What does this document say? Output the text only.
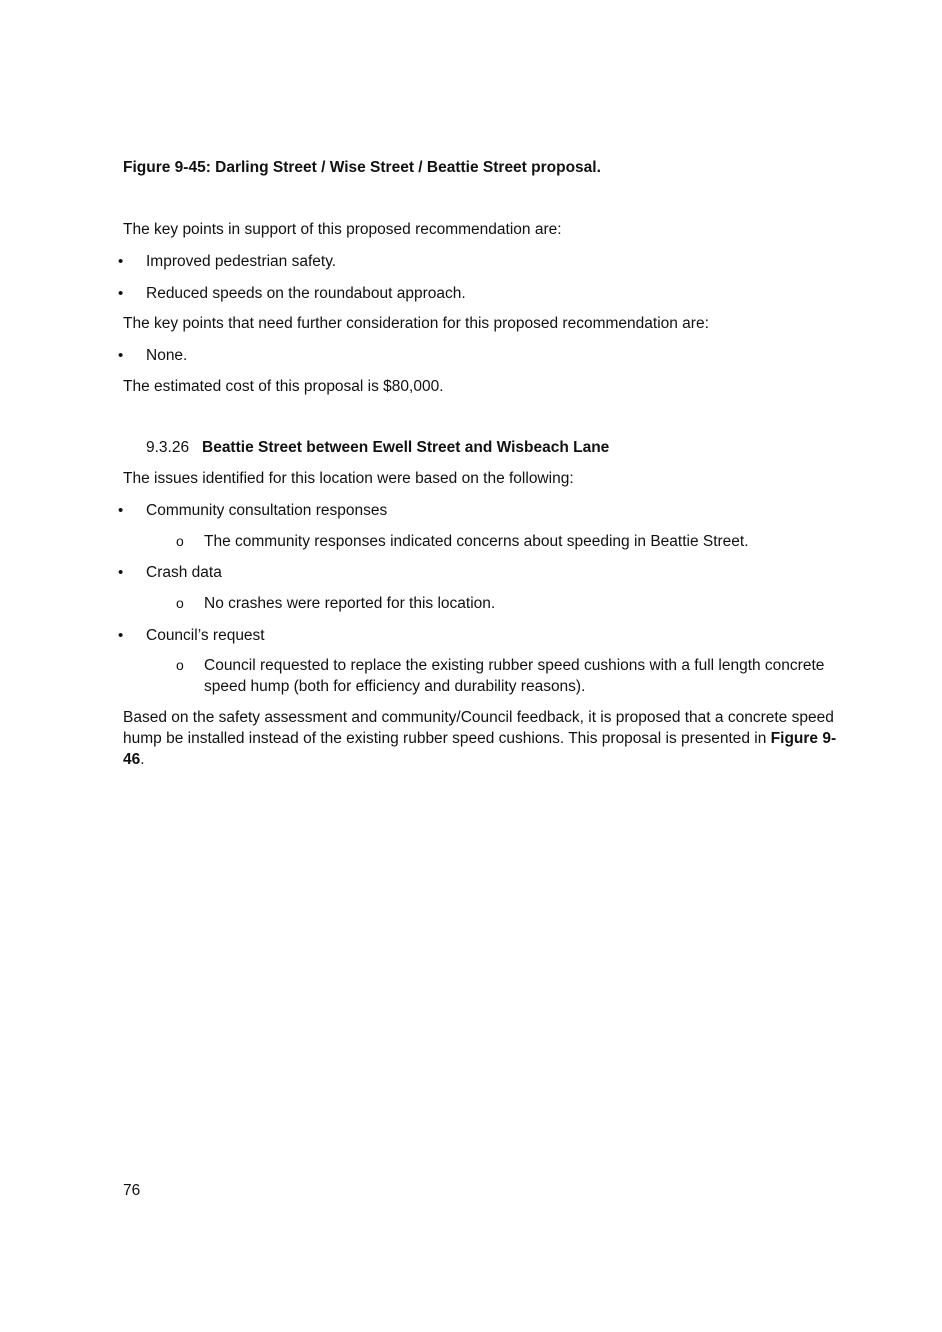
Figure 9-45: Darling Street / Wise Street / Beattie Street proposal.
The key points in support of this proposed recommendation are:
• Improved pedestrian safety.
• Reduced speeds on the roundabout approach.
The key points that need further consideration for this proposed recommendation are:
• None.
The estimated cost of this proposal is $80,000.
9.3.26 Beattie Street between Ewell Street and Wisbeach Lane
The issues identified for this location were based on the following:
• Community consultation responses
o The community responses indicated concerns about speeding in Beattie Street.
• Crash data
o No crashes were reported for this location.
• Council’s request
o Council requested to replace the existing rubber speed cushions with a full length concrete speed hump (both for efficiency and durability reasons).
Based on the safety assessment and community/Council feedback, it is proposed that a concrete speed hump be installed instead of the existing rubber speed cushions. This proposal is presented in Figure 9-46.
76
